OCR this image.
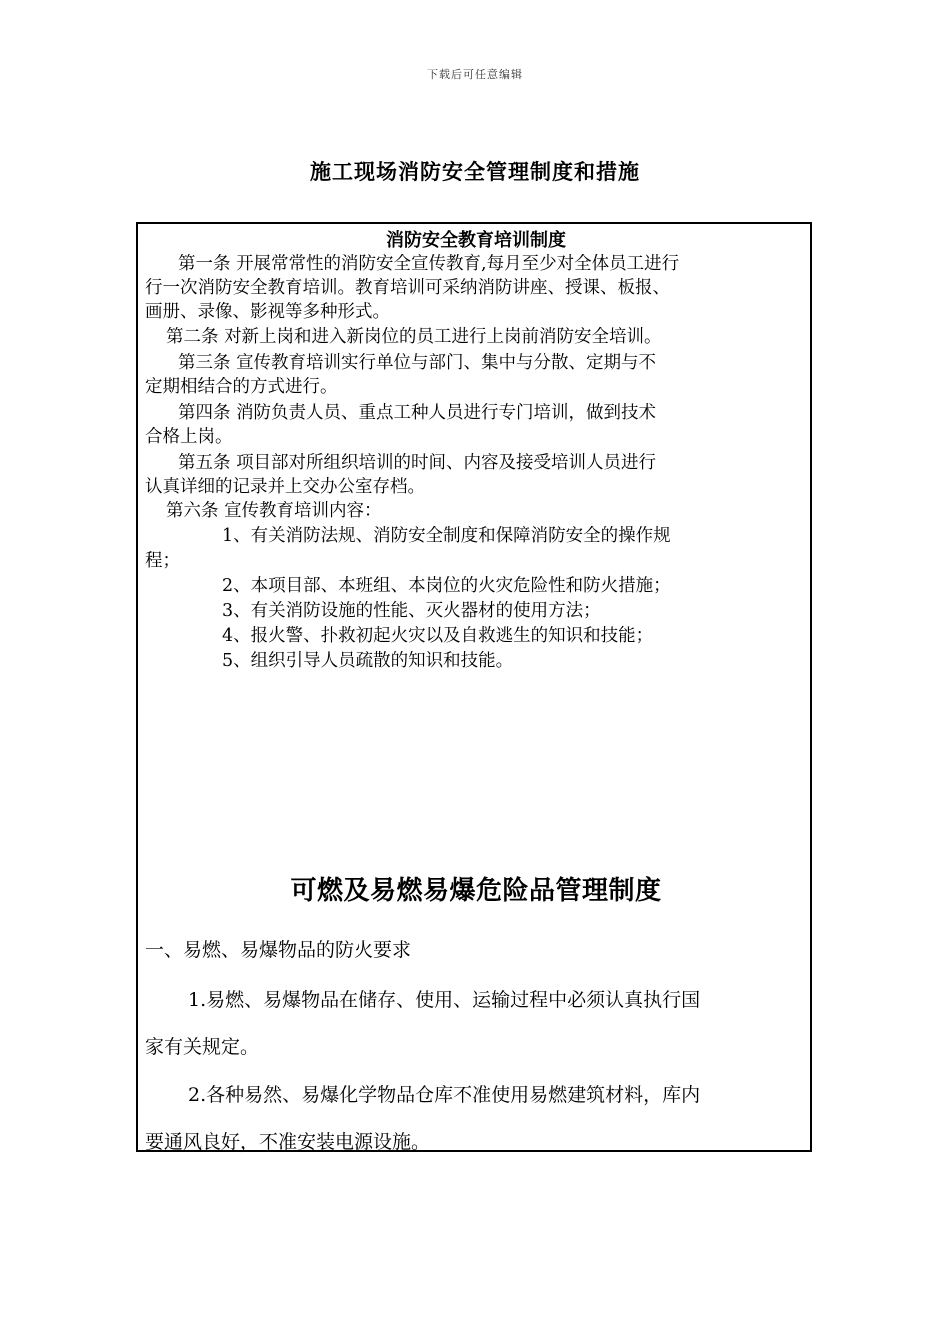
下载后可任意编辑
施工现场消防安全管理制度和措施
消防安全教育培训制度
第一条 开展常常性的消防安全宣传教育,每月至少对全体员工进行
行一次消防安全教育培训。教育培训可采纳消防讲座、授课、板报、
画册、录像、影视等多种形式。
第二条 对新上岗和进入新岗位的员工进行上岗前消防安全培训。
第三条 宣传教育培训实行单位与部门、集中与分散、定期与不
定期相结合的方式进行。
第四条 消防负责人员、重点工种人员进行专门培训，做到技术
合格上岗。
第五条 项目部对所组织培训的时间、内容及接受培训人员进行
认真详细的记录并上交办公室存档。
第六条 宣传教育培训内容：
1、有关消防法规、消防安全制度和保障消防安全的操作规
程；
2、本项目部、本班组、本岗位的火灾危险性和防火措施；
3、有关消防设施的性能、灭火器材的使用方法；
4、报火警、扑救初起火灾以及自救逃生的知识和技能；
5、组织引导人员疏散的知识和技能。
可燃及易燃易爆危险品管理制度
一、易燃、易爆物品的防火要求
1.易燃、易爆物品在储存、使用、运输过程中必须认真执行国
家有关规定。
2.各种易然、易爆化学物品仓库不准使用易燃建筑材料，库内
要通风良好，不准安装电源设施。
